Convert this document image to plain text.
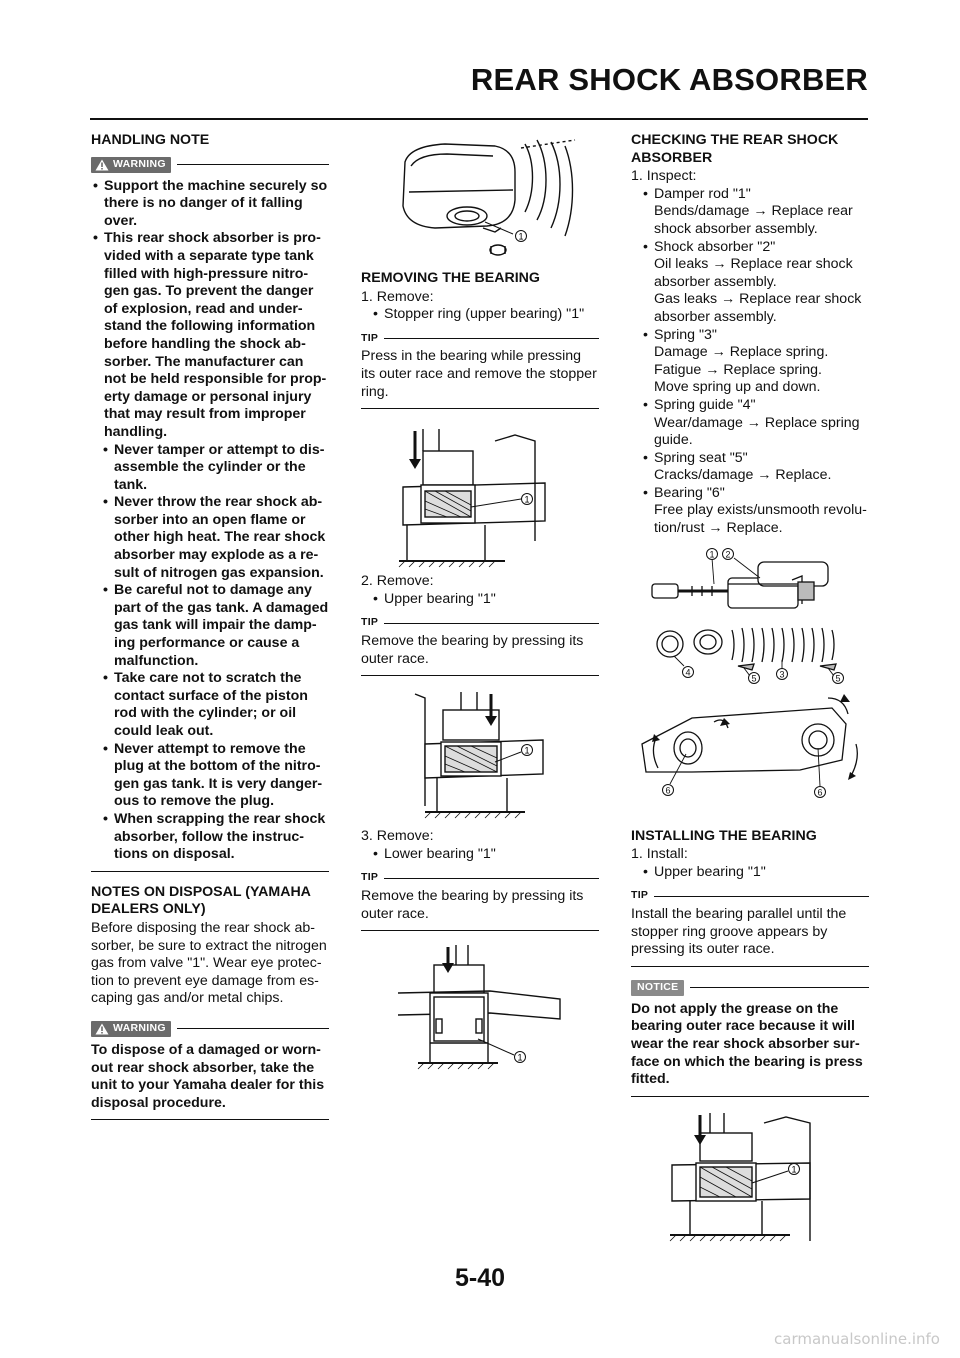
REAR SHOCK ABSORBER
HANDLING NOTE
WARNING
• Support the machine securely so there is no danger of it falling over.
• This rear shock absorber is pro-vided with a separate type tank filled with high-pressure nitro-gen gas. To prevent the danger of explosion, read and under-stand the following information before handling the shock ab-sorber. The manufacturer can not be held responsible for prop-erty damage or personal injury that may result from improper handling.
• Never tamper or attempt to dis-assemble the cylinder or the tank.
• Never throw the rear shock ab-sorber into an open flame or other high heat. The rear shock absorber may explode as a re-sult of nitrogen gas expansion.
• Be careful not to damage any part of the gas tank. A damaged gas tank will impair the damp-ing performance or cause a malfunction.
• Take care not to scratch the contact surface of the piston rod with the cylinder; or oil could leak out.
• Never attempt to remove the plug at the bottom of the nitro-gen gas tank. It is very danger-ous to remove the plug.
• When scrapping the rear shock absorber, follow the instruc-tions on disposal.
NOTES ON DISPOSAL (YAMAHA DEALERS ONLY)

Before disposing the rear shock ab-sorber, be sure to extract the nitrogen gas from valve "1". Wear eye protec-tion to prevent eye damage from es-caping gas and/or metal chips.

WARNING

To dispose of a damaged or worn-out rear shock absorber, take the unit to your Yamaha dealer for this disposal procedure.

1
REMOVING THE BEARING
1. Remove:
• Stopper ring (upper bearing) "1"
TIP

Press in the bearing while pressing its outer race and remove the stopper ring.

1
2. Remove:
• Upper bearing "1"
TIP

Remove the bearing by pressing its outer race.

1
3. Remove:
• Lower bearing "1"
TIP

Remove the bearing by pressing its outer race.

1
CHECKING THE REAR SHOCK ABSORBER
1. Inspect:
• Damper rod "1"
Bends/damage → Replace rear shock absorber assembly.
• Shock absorber "2"
Oil leaks → Replace rear shock absorber assembly.
Gas leaks → Replace rear shock absorber assembly.
• Spring "3"
Damage → Replace spring.
Fatigue → Replace spring.
Move spring up and down.
• Spring guide "4"
Wear/damage → Replace spring guide.
• Spring seat "5"
Cracks/damage → Replace.
• Bearing "6"
Free play exists/unsmooth revolu-tion/rust → Replace.
1 2
4
5	3	5
6	6
INSTALLING THE BEARING
1. Install:
• Upper bearing "1"
TIP

Install the bearing parallel until the stopper ring groove appears by pressing its outer race.

NOTICE

Do not apply the grease on the bearing outer race because it will wear the rear shock absorber sur-face on which the bearing is press fitted.

1
5-40
carmanualsonline.info
